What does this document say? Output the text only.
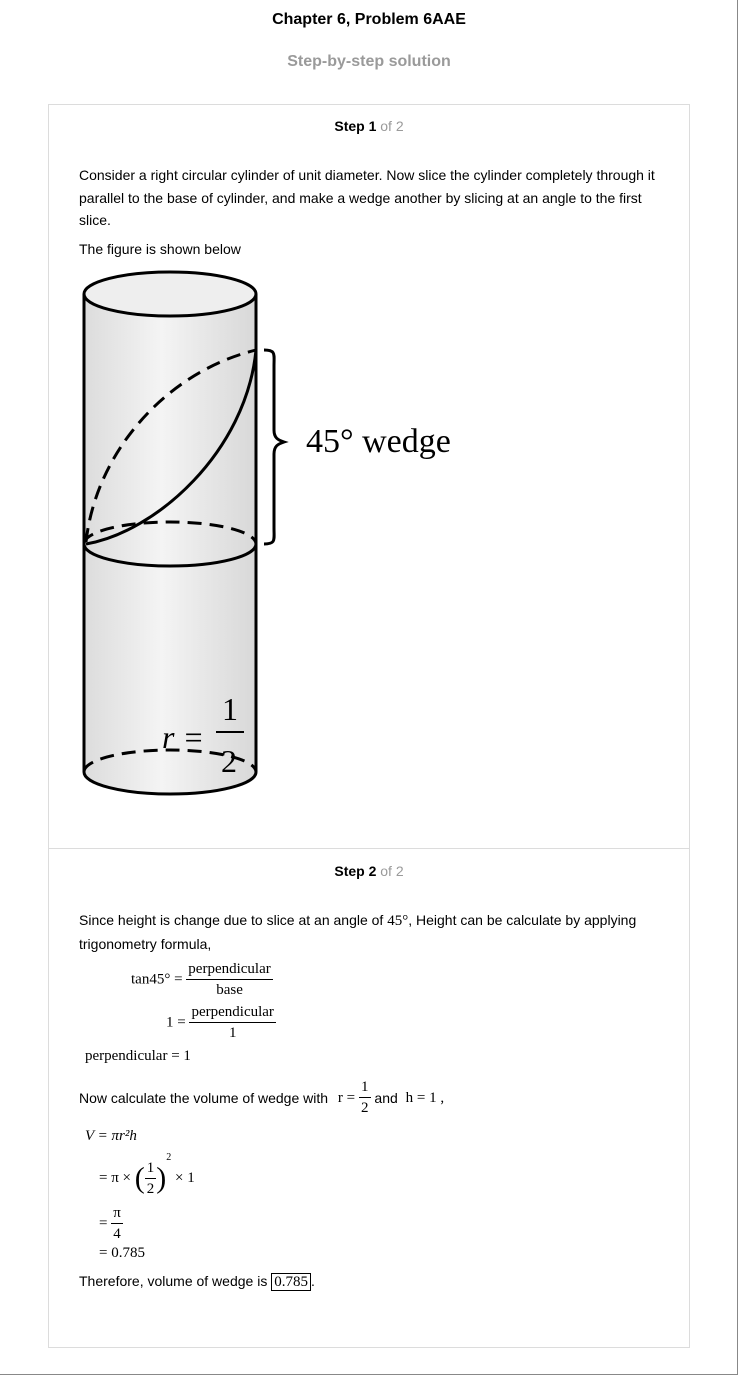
Chapter 6, Problem 6AAE
Step-by-step solution
Step 1 of 2
Consider a right circular cylinder of unit diameter. Now slice the cylinder completely through it parallel to the base of cylinder, and make a wedge another by slicing at an angle to the first slice.
The figure is shown below
45° wedge
r =
1
2
Step 2 of 2
Since height is change due to slice at an angle of 45°, Height can be calculate by applying trigonometry formula,
$\tan 45^\circ = \frac{\text{perpendicular}}{\text{base}}$
$1 = \frac{\text{perpendicular}}{1}$
perpendicular = 1
Now calculate the volume of wedge with $r = \frac{1}{2}$ and h = 1 ,
V = πr²h
= π × ( $\frac{1}{2} )^2 \times 1$
= $\frac{\pi}{4}$
= 0.785
Therefore, volume of wedge is 0.785 .
